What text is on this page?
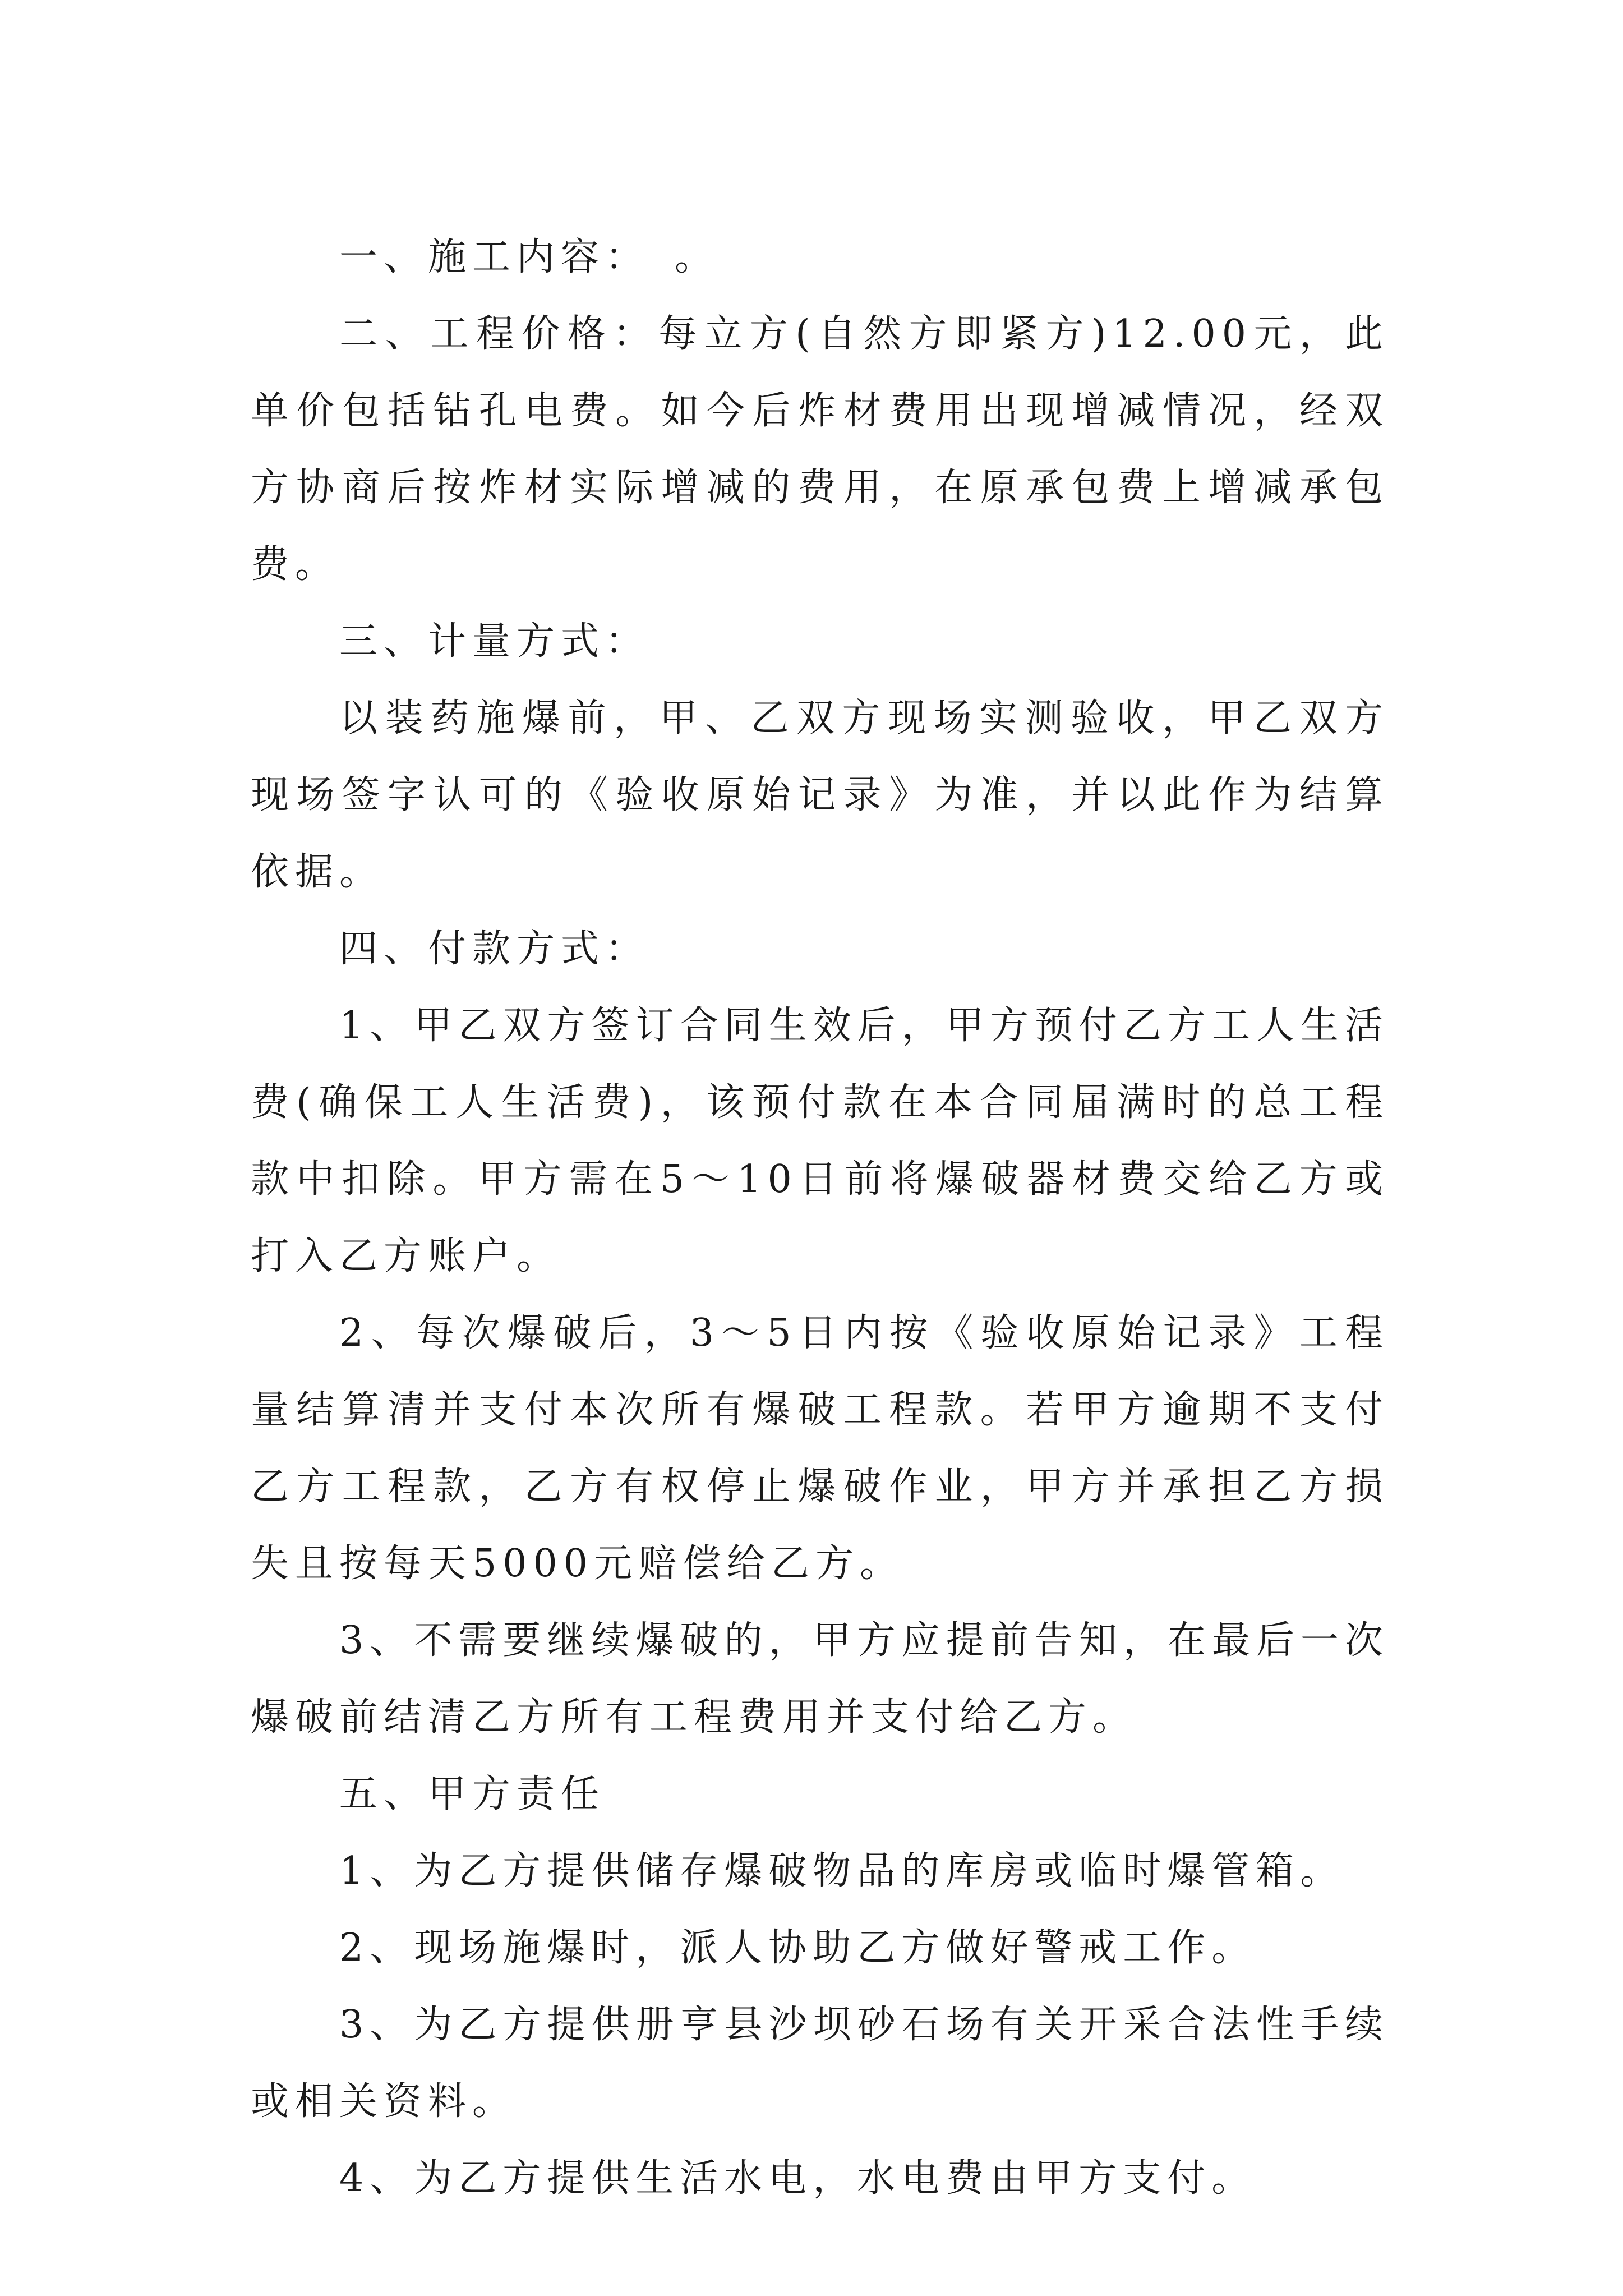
一、施工内容：　。

二、工程价格：每立方(自然方即紧方)12.00元，此单价包括钻孔电费。如今后炸材费用出现增减情况，经双方协商后按炸材实际增减的费用，在原承包费上增减承包费。

三、计量方式：

以装药施爆前，甲、乙双方现场实测验收，甲乙双方现场签字认可的《验收原始记录》为准，并以此作为结算依据。

四、付款方式：

1、甲乙双方签订合同生效后，甲方预付乙方工人生活费(确保工人生活费)，该预付款在本合同届满时的总工程款中扣除。甲方需在5～10日前将爆破器材费交给乙方或打入乙方账户。

2、每次爆破后，3～5日内按《验收原始记录》工程量结算清并支付本次所有爆破工程款。若甲方逾期不支付乙方工程款，乙方有权停止爆破作业，甲方并承担乙方损失且按每天5000元赔偿给乙方。

3、不需要继续爆破的，甲方应提前告知，在最后一次爆破前结清乙方所有工程费用并支付给乙方。

五、甲方责任

1、为乙方提供储存爆破物品的库房或临时爆管箱。

2、现场施爆时，派人协助乙方做好警戒工作。

3、为乙方提供册亨县沙坝砂石场有关开采合法性手续或相关资料。

4、为乙方提供生活水电，水电费由甲方支付。
